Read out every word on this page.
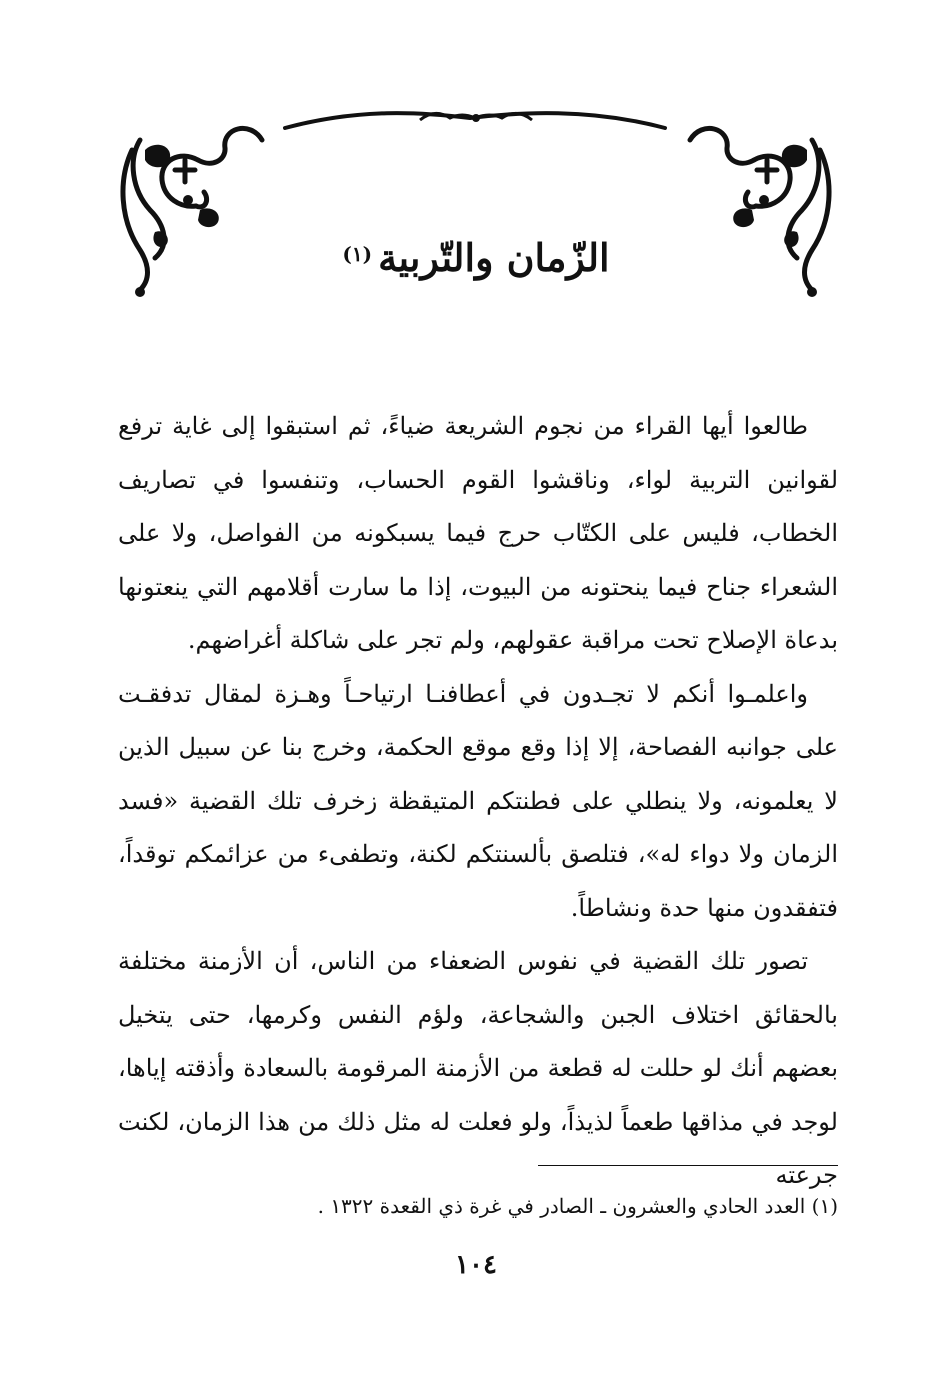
الزّمان والتّربية$^{(١)}$

طالعوا أيها القراء من نجوم الشريعة ضياءً، ثم استبقوا إلى غاية ترفع لقوانين التربية لواء، وناقشوا القوم الحساب، وتنفسوا في تصاريف الخطاب، فليس على الكتّاب حرج فيما يسبكونه من الفواصل، ولا على الشعراء جناح فيما ينحتونه من البيوت، إذا ما سارت أقلامهم التي ينعتونها بدعاة الإصلاح تحت مراقبة عقولهم، ولم تجر على شاكلة أغراضهم.

واعلمـوا أنكم لا تجـدون في أعطافنـا ارتياحـاً وهـزة لمقال تدفقـت على جوانبه الفصاحة، إلا إذا وقع موقع الحكمة، وخرج بنا عن سبيل الذين لا يعلمونه، ولا ينطلي على فطنتكم المتيقظة زخرف تلك القضية «فسد الزمان ولا دواء له»، فتلصق بألسنتكم لكنة، وتطفىء من عزائمكم توقداً، فتفقدون منها حدة ونشاطاً.

تصور تلك القضية في نفوس الضعفاء من الناس، أن الأزمنة مختلفة بالحقائق اختلاف الجبن والشجاعة، ولؤم النفس وكرمها، حتى يتخيل بعضهم أنك لو حللت له قطعة من الأزمنة المرقومة بالسعادة وأذقته إياها، لوجد في مذاقها طعماً لذيذاً، ولو فعلت له مثل ذلك من هذا الزمان، لكنت جرعته

(١) العدد الحادي والعشرون ـ الصادر في غرة ذي القعدة ١٣٢٢ .
١٠٤
